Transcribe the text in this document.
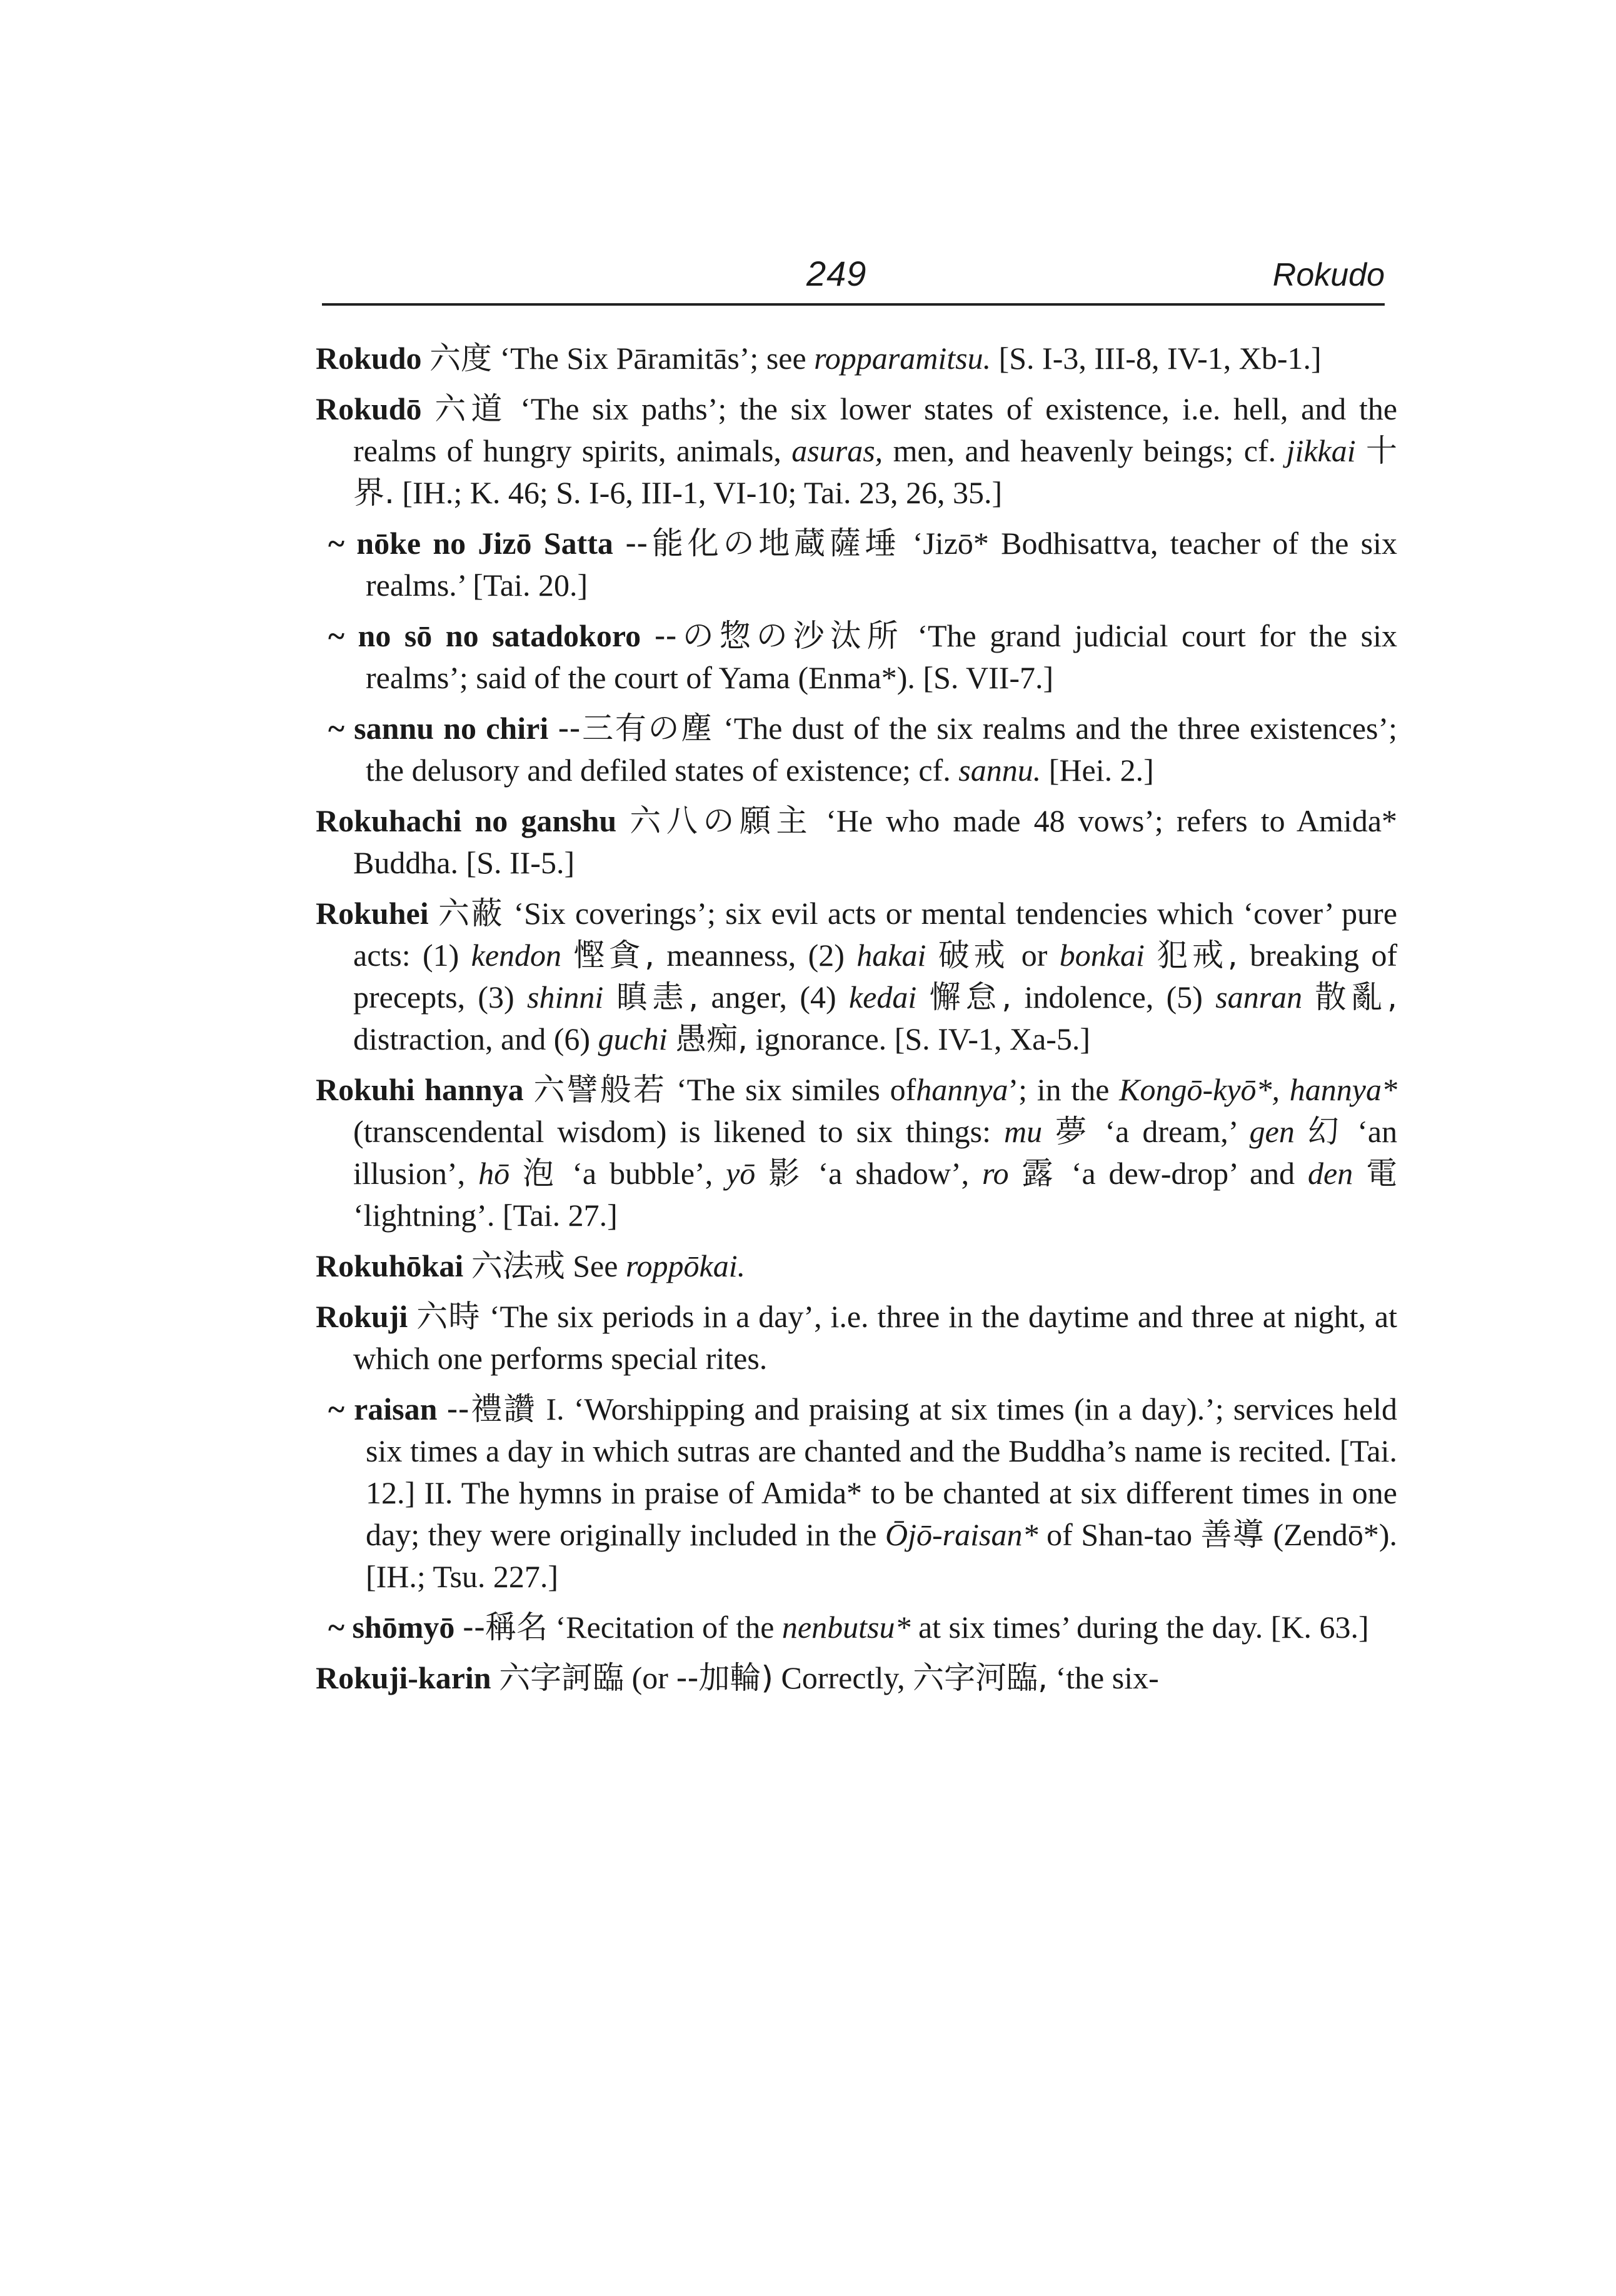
249	Rokudo
Rokudo 六度 ‘The Six Pāramitās’; see ropparamitsu. [S. I-3, III-8, IV-1, Xb-1.]
Rokudō 六道 ‘The six paths’; the six lower states of existence, i.e. hell, and the realms of hungry spirits, animals, asuras, men, and heavenly beings; cf. jikkai 十界. [IH.; K. 46; S. I-6, III-1, VI-10; Tai. 23, 26, 35.]
~ nōke no Jizō Satta --能化の地蔵薩埵 ‘Jizō* Bodhisattva, teacher of the six realms.’ [Tai. 20.]
~ no sō no satadokoro --の惣の沙汰所 ‘The grand judicial court for the six realms’; said of the court of Yama (Enma*). [S. VII-7.]
~ sannu no chiri --三有の塵 ‘The dust of the six realms and the three existences’; the delusory and defiled states of existence; cf. sannu. [Hei. 2.]
Rokuhachi no ganshu 六八の願主 ‘He who made 48 vows’; refers to Amida* Buddha. [S. II-5.]
Rokuhei 六蔽 ‘Six coverings’; six evil acts or mental tendencies which ‘cover’ pure acts: (1) kendon 慳貪, meanness, (2) hakai 破戒 or bonkai 犯戒, breaking of precepts, (3) shinni 瞋恚, anger, (4) kedai 懈怠, indolence, (5) sanran 散亂, distraction, and (6) guchi 愚痴, ignorance. [S. IV-1, Xa-5.]
Rokuhi hannya 六譬般若 ‘The six similes ofhannya’; in the Kongō-kyō*, hannya* (transcendental wisdom) is likened to six things: mu 夢 ‘a dream,’ gen 幻 ‘an illusion’, hō 泡 ‘a bubble’, yō 影 ‘a shadow’, ro 露 ‘a dew-drop’ and den 電 ‘lightning’. [Tai. 27.]
Rokuhōkai 六法戒 See roppōkai.
Rokuji 六時 ‘The six periods in a day’, i.e. three in the daytime and three at night, at which one performs special rites.
~ raisan --禮讚 I. ‘Worshipping and praising at six times (in a day).’; services held six times a day in which sutras are chanted and the Buddha’s name is recited. [Tai. 12.] II. The hymns in praise of Amida* to be chanted at six different times in one day; they were originally included in the Ōjō-raisan* of Shan-tao 善導 (Zendō*). [IH.; Tsu. 227.]
~ shōmyō --稱名 ‘Recitation of the nenbutsu* at six times’ during the day. [K. 63.]
Rokuji-karin 六字訶臨 (or --加輪) Correctly, 六字河臨, ‘the six-
